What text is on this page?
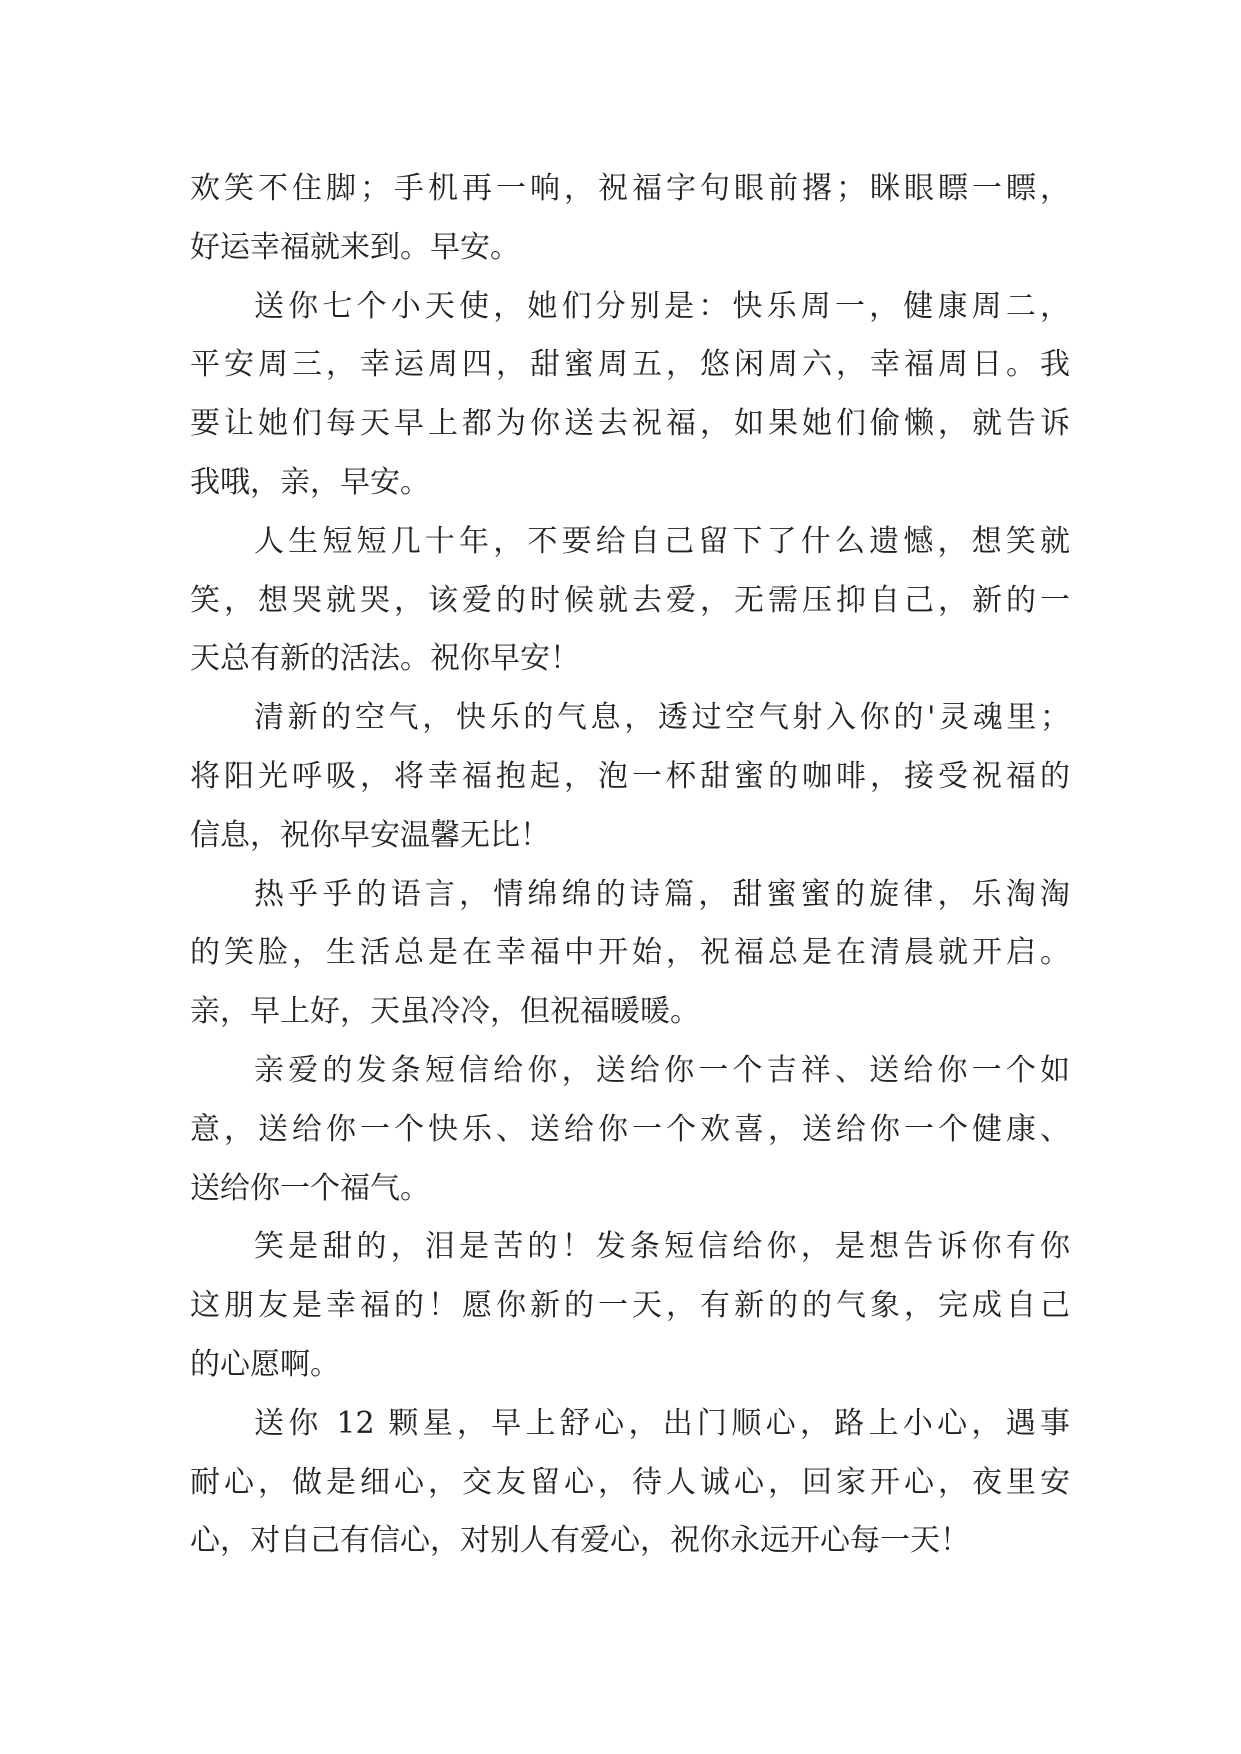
欢笑不住脚；手机再一响，祝福字句眼前撂；眯眼瞟一瞟，
好运幸福就来到。早安。
送你七个小天使，她们分别是：快乐周一，健康周二，
平安周三，幸运周四，甜蜜周五，悠闲周六，幸福周日。我
要让她们每天早上都为你送去祝福，如果她们偷懒，就告诉
我哦，亲，早安。
人生短短几十年，不要给自己留下了什么遗憾，想笑就
笑，想哭就哭，该爱的时候就去爱，无需压抑自己，新的一
天总有新的活法。祝你早安！
清新的空气，快乐的气息，透过空气射入你的'灵魂里；
将阳光呼吸，将幸福抱起，泡一杯甜蜜的咖啡，接受祝福的
信息，祝你早安温馨无比！
热乎乎的语言，情绵绵的诗篇，甜蜜蜜的旋律，乐淘淘
的笑脸，生活总是在幸福中开始，祝福总是在清晨就开启。
亲，早上好，天虽冷冷，但祝福暖暖。
亲爱的发条短信给你，送给你一个吉祥、送给你一个如
意，送给你一个快乐、送给你一个欢喜，送给你一个健康、
送给你一个福气。
笑是甜的，泪是苦的！发条短信给你，是想告诉你有你
这朋友是幸福的！愿你新的一天，有新的的气象，完成自己
的心愿啊。
送你 12 颗星，早上舒心，出门顺心，路上小心，遇事
耐心，做是细心，交友留心，待人诚心，回家开心，夜里安
心，对自己有信心，对别人有爱心，祝你永远开心每一天！
